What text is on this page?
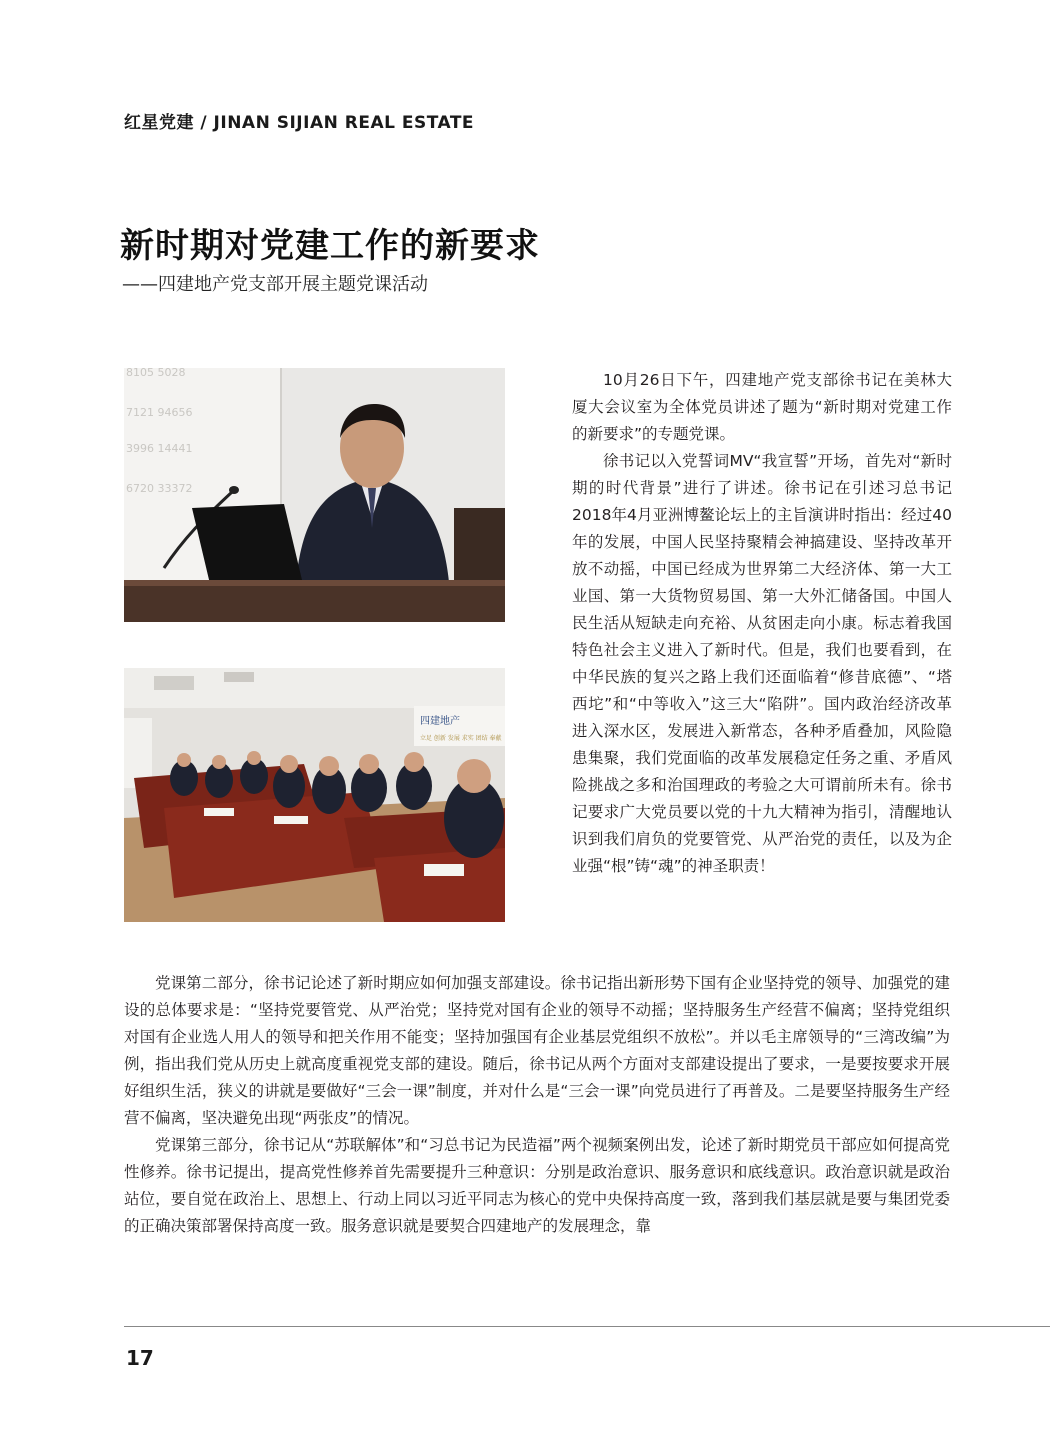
红星党建 / JINAN SIJIAN REAL ESTATE
新时期对党建工作的新要求
——四建地产党支部开展主题党课活动
8105 5028
7121 94656
3996 14441
6720 33372
四建地产
立足 创新 发展 求实 团结 奉献

10月26日下午，四建地产党支部徐书记在美林大厦大会议室为全体党员讲述了题为“新时期对党建工作的新要求”的专题党课。

徐书记以入党誓词MV“我宣誓”开场，首先对“新时期的时代背景”进行了讲述。徐书记在引述习总书记2018年4月亚洲博鳌论坛上的主旨演讲时指出：经过40年的发展，中国人民坚持聚精会神搞建设、坚持改革开放不动摇，中国已经成为世界第二大经济体、第一大工业国、第一大货物贸易国、第一大外汇储备国。中国人民生活从短缺走向充裕、从贫困走向小康。标志着我国特色社会主义进入了新时代。但是，我们也要看到，在中华民族的复兴之路上我们还面临着“修昔底德”、“塔西坨”和“中等收入”这三大“陷阱”。国内政治经济改革进入深水区，发展进入新常态，各种矛盾叠加，风险隐患集聚，我们党面临的改革发展稳定任务之重、矛盾风险挑战之多和治国理政的考验之大可谓前所未有。徐书记要求广大党员要以党的十九大精神为指引，清醒地认识到我们肩负的党要管党、从严治党的责任，以及为企业强“根”铸“魂”的神圣职责！

党课第二部分，徐书记论述了新时期应如何加强支部建设。徐书记指出新形势下国有企业坚持党的领导、加强党的建设的总体要求是：“坚持党要管党、从严治党；坚持党对国有企业的领导不动摇；坚持服务生产经营不偏离；坚持党组织对国有企业选人用人的领导和把关作用不能变；坚持加强国有企业基层党组织不放松”。并以毛主席领导的“三湾改编”为例，指出我们党从历史上就高度重视党支部的建设。随后，徐书记从两个方面对支部建设提出了要求，一是要按要求开展好组织生活，狭义的讲就是要做好“三会一课”制度，并对什么是“三会一课”向党员进行了再普及。二是要坚持服务生产经营不偏离，坚决避免出现“两张皮”的情况。

党课第三部分，徐书记从“苏联解体”和“习总书记为民造福”两个视频案例出发，论述了新时期党员干部应如何提高党性修养。徐书记提出，提高党性修养首先需要提升三种意识：分别是政治意识、服务意识和底线意识。政治意识就是政治站位，要自觉在政治上、思想上、行动上同以习近平同志为核心的党中央保持高度一致，落到我们基层就是要与集团党委的正确决策部署保持高度一致。服务意识就是要契合四建地产的发展理念，靠

17
